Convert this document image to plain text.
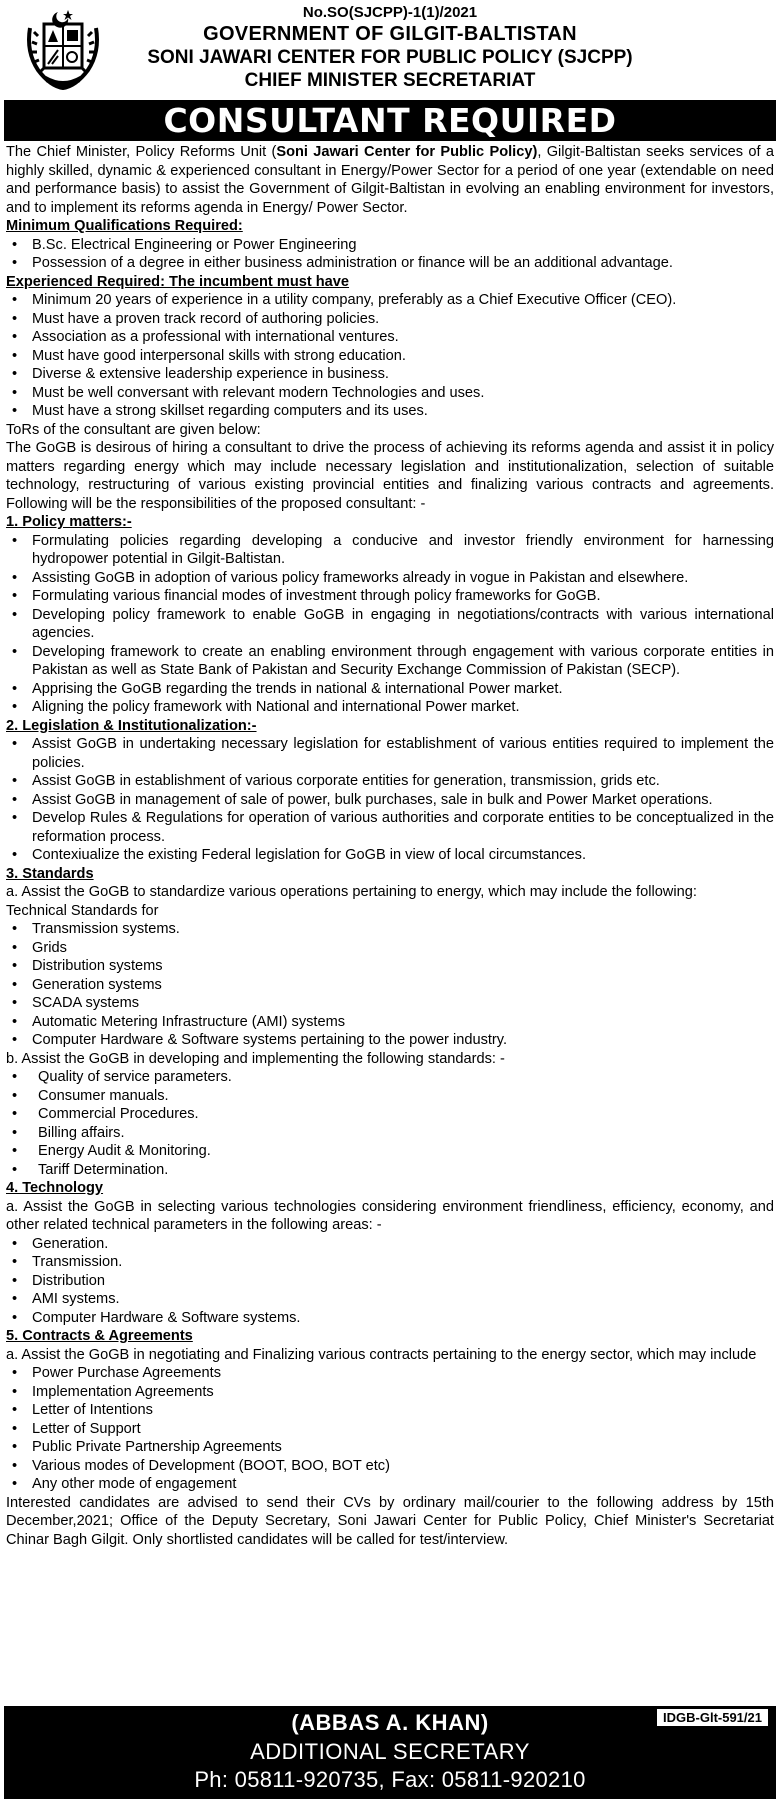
No.SO(SJCPP)-1(1)/2021
GOVERNMENT OF GILGIT-BALTISTAN
SONI JAWARI CENTER FOR PUBLIC POLICY (SJCPP)
CHIEF MINISTER SECRETARIAT
CONSULTANT REQUIRED

The Chief Minister, Policy Reforms Unit (Soni Jawari Center for Public Policy), Gilgit-Baltistan seeks services of a highly skilled, dynamic & experienced consultant in Energy/Power Sector for a period of one year (extendable on need and performance basis) to assist the Government of Gilgit-Baltistan in evolving an enabling environment for investors, and to implement its reforms agenda in Energy/ Power Sector.

Minimum Qualifications Required:

• B.Sc. Electrical Engineering or Power Engineering
• Possession of a degree in either business administration or finance will be an additional advantage.

Experienced Required: The incumbent must have

• Minimum 20 years of experience in a utility company, preferably as a Chief Executive Officer (CEO).
• Must have a proven track record of authoring policies.
• Association as a professional with international ventures.
• Must have good interpersonal skills with strong education.
• Diverse & extensive leadership experience in business.
• Must be well conversant with relevant modern Technologies and uses.
• Must have a strong skillset regarding computers and its uses.

ToRs of the consultant are given below:

The GoGB is desirous of hiring a consultant to drive the process of achieving its reforms agenda and assist it in policy matters regarding energy which may include necessary legislation and institutionalization, selection of suitable technology, restructuring of various existing provincial entities and finalizing various contracts and agreements. Following will be the responsibilities of the proposed consultant: -

1. Policy matters:-

• Formulating policies regarding developing a conducive and investor friendly environment for harnessing hydropower potential in Gilgit-Baltistan.
• Assisting GoGB in adoption of various policy frameworks already in vogue in Pakistan and elsewhere.
• Formulating various financial modes of investment through policy frameworks for GoGB.
• Developing policy framework to enable GoGB in engaging in negotiations/contracts with various international agencies.
• Developing framework to create an enabling environment through engagement with various corporate entities in Pakistan as well as State Bank of Pakistan and Security Exchange Commission of Pakistan (SECP).
• Apprising the GoGB regarding the trends in national & international Power market.
• Aligning the policy framework with National and international Power market.

2. Legislation & Institutionalization:-

• Assist GoGB in undertaking necessary legislation for establishment of various entities required to implement the policies.
• Assist GoGB in establishment of various corporate entities for generation, transmission, grids etc.
• Assist GoGB in management of sale of power, bulk purchases, sale in bulk and Power Market operations.
• Develop Rules & Regulations for operation of various authorities and corporate entities to be conceptualized in the reformation process.
• Contexiualize the existing Federal legislation for GoGB in view of local circumstances.

3. Standards

a. Assist the GoGB to standardize various operations pertaining to energy, which may include the following:

Technical Standards for

• Transmission systems.
• Grids
• Distribution systems
• Generation systems
• SCADA systems
• Automatic Metering Infrastructure (AMI) systems
• Computer Hardware & Software systems pertaining to the power industry.

b. Assist the GoGB in developing and implementing the following standards: -

• Quality of service parameters.
• Consumer manuals.
• Commercial Procedures.
• Billing affairs.
• Energy Audit & Monitoring.
• Tariff Determination.

4. Technology

a. Assist the GoGB in selecting various technologies considering environment friendliness, efficiency, economy, and other related technical parameters in the following areas: -

• Generation.
• Transmission.
• Distribution
• AMI systems.
• Computer Hardware & Software systems.

5. Contracts & Agreements

a. Assist the GoGB in negotiating and Finalizing various contracts pertaining to the energy sector, which may include

• Power Purchase Agreements
• Implementation Agreements
• Letter of Intentions
• Letter of Support
• Public Private Partnership Agreements
• Various modes of Development (BOOT, BOO, BOT etc)
• Any other mode of engagement

Interested candidates are advised to send their CVs by ordinary mail/courier to the following address by 15th December,2021; Office of the Deputy Secretary, Soni Jawari Center for Public Policy, Chief Minister's Secretariat Chinar Bagh Gilgit. Only shortlisted candidates will be called for test/interview.

IDGB-Glt-591/21
(ABBAS A. KHAN)
ADDITIONAL SECRETARY
Ph: 05811-920735, Fax: 05811-920210
